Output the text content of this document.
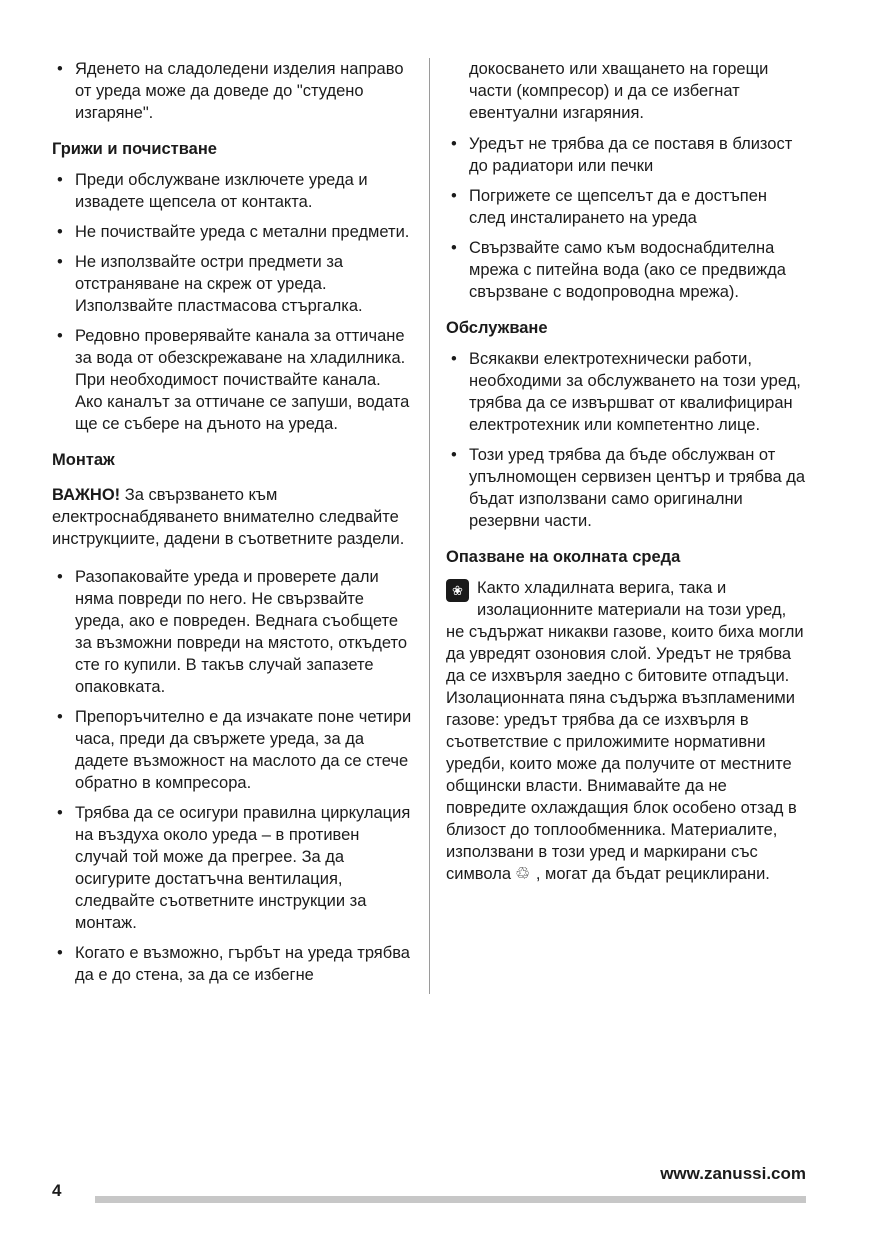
• Яденето на сладоледени изделия направо от уреда може да доведе до "студено изгаряне".
Грижи и почистване
• Преди обслужване изключете уреда и извадете щепсела от контакта.
• Не почиствайте уреда с метални предмети.
• Не използвайте остри предмети за отстраняване на скреж от уреда. Използвайте пластмасова стъргалка.
• Редовно проверявайте канала за оттичане за вода от обезскрежаване на хладилника. При необходимост почиствайте канала. Ако каналът за оттичане се запуши, водата ще се събере на дъното на уреда.
Монтаж

ВАЖНО! За свързването към електроснабдяването внимателно следвайте инструкциите, дадени в съответните раздели.

• Разопаковайте уреда и проверете дали няма повреди по него. Не свързвайте уреда, ако е повреден. Веднага съобщете за възможни повреди на мястото, откъдето сте го купили. В такъв случай запазете опаковката.
• Препоръчително е да изчакате поне четири часа, преди да свържете уреда, за да дадете възможност на маслото да се стече обратно в компресора.
• Трябва да се осигури правилна циркулация на въздуха около уреда – в противен случай той може да прегрее. За да осигурите достатъчна вентилация, следвайте съответните инструкции за монтаж.
• Когато е възможно, гърбът на уреда трябва да е до стена, за да се избегне

докосването или хващането на горещи части (компресор) и да се избегнат евентуални изгаряния.

• Уредът не трябва да се поставя в близост до радиатори или печки
• Погрижете се щепселът да е достъпен след инсталирането на уреда
• Свързвайте само към водоснабдителна мрежа с питейна вода (ако се предвижда свързване с водопроводна мрежа).
Обслужване
• Всякакви електротехнически работи, необходими за обслужването на този уред, трябва да се извършват от квалифициран електротехник или компетентно лице.
• Този уред трябва да бъде обслужван от упълномощен сервизен център и трябва да бъдат използвани само оригинални резервни части.
Опазване на околната среда

❀ Както хладилната верига, така и изолационните материали на този уред, не съдържат никакви газове, които биха могли да увредят озоновия слой. Уредът не трябва да се изхвърля заедно с битовите отпадъци. Изолационната пяна съдържа възпламеними газове: уредът трябва да се изхвърля в съответствие с приложимите нормативни уредби, които може да получите от местните общински власти. Внимавайте да не повредите охлаждащия блок особено отзад в близост до топлообменника. Материалите, използвани в този уред и маркирани със символа ♲ , могат да бъдат рециклирани.

4
www.zanussi.com
